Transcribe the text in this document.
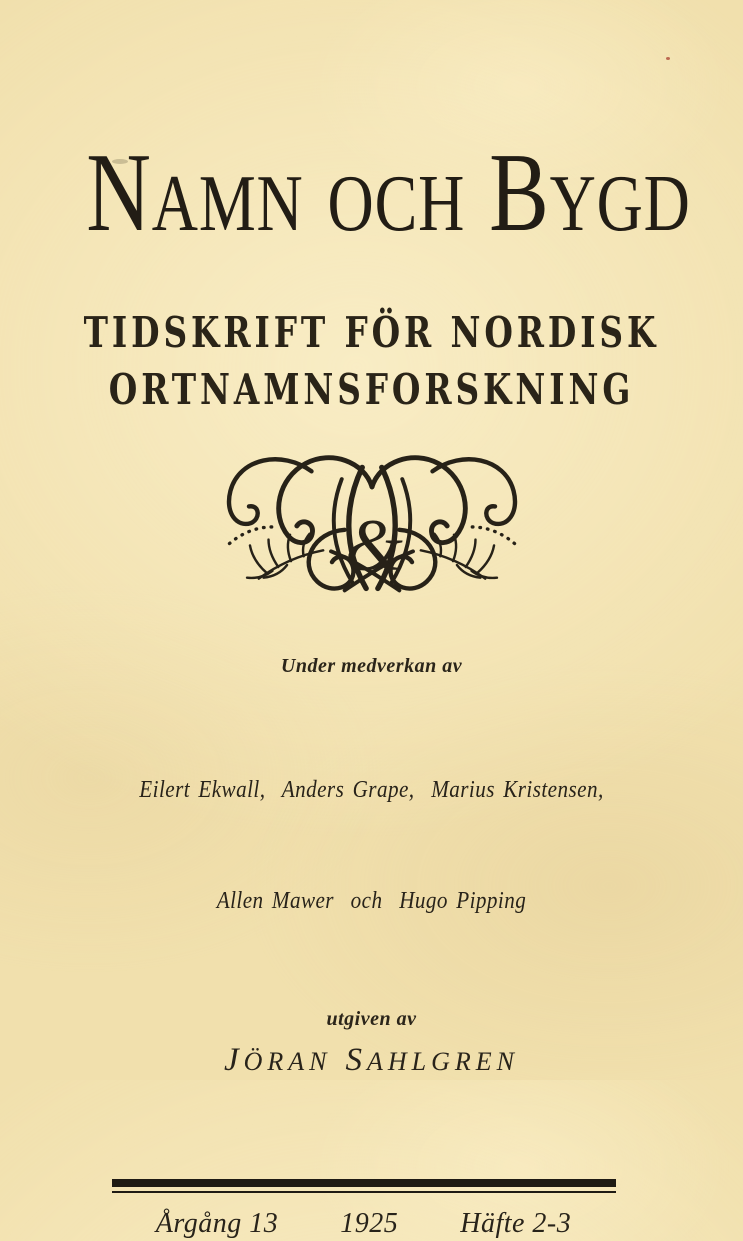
NAMN OCH BYGD
TIDSKRIFT FÖR NORDISK
ORTNAMNSFORSKNING
&
Under medverkan av

Eilert Ekwall,  Anders Grape,  Marius Kristensen,

Allen Mawer  och  Hugo Pipping

utgiven av
JÖRAN SAHLGREN
Årgång 13 1925 Häfte 2-3
